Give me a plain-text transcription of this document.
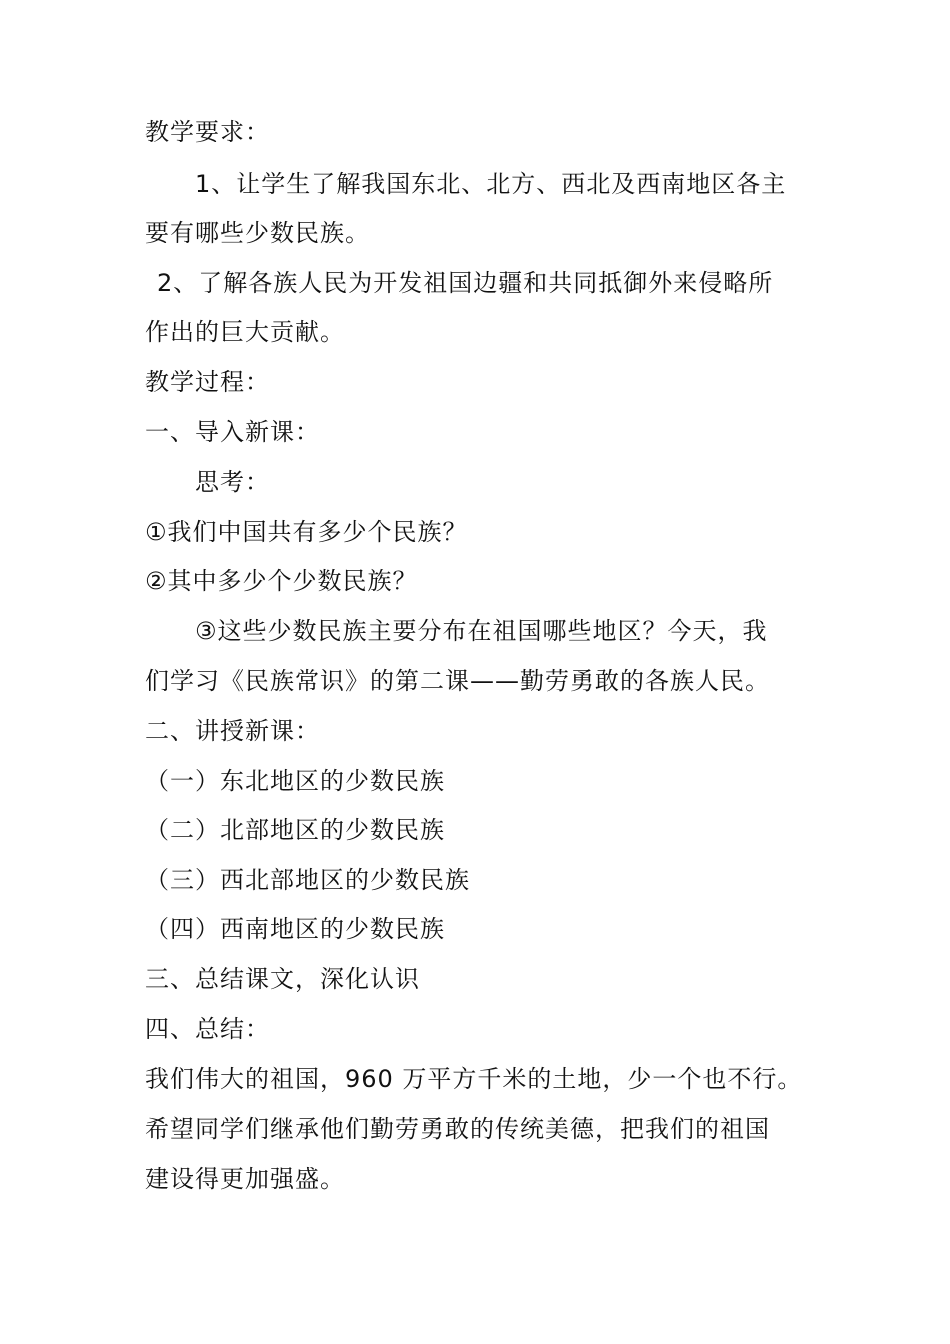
教学要求：
1、让学生了解我国东北、北方、西北及西南地区各主
要有哪些少数民族。
2、了解各族人民为开发祖国边疆和共同抵御外来侵略所
作出的巨大贡献。
教学过程：
一、导入新课：
思考：
①我们中国共有多少个民族？
②其中多少个少数民族？
③这些少数民族主要分布在祖国哪些地区？今天，我
们学习《民族常识》的第二课——勤劳勇敢的各族人民。
二、讲授新课：
（一）东北地区的少数民族
（二）北部地区的少数民族
（三）西北部地区的少数民族
（四）西南地区的少数民族
三、总结课文，深化认识
四、总结：
我们伟大的祖国，960 万平方千米的土地，少一个也不行。
希望同学们继承他们勤劳勇敢的传统美德，把我们的祖国
建设得更加强盛。
